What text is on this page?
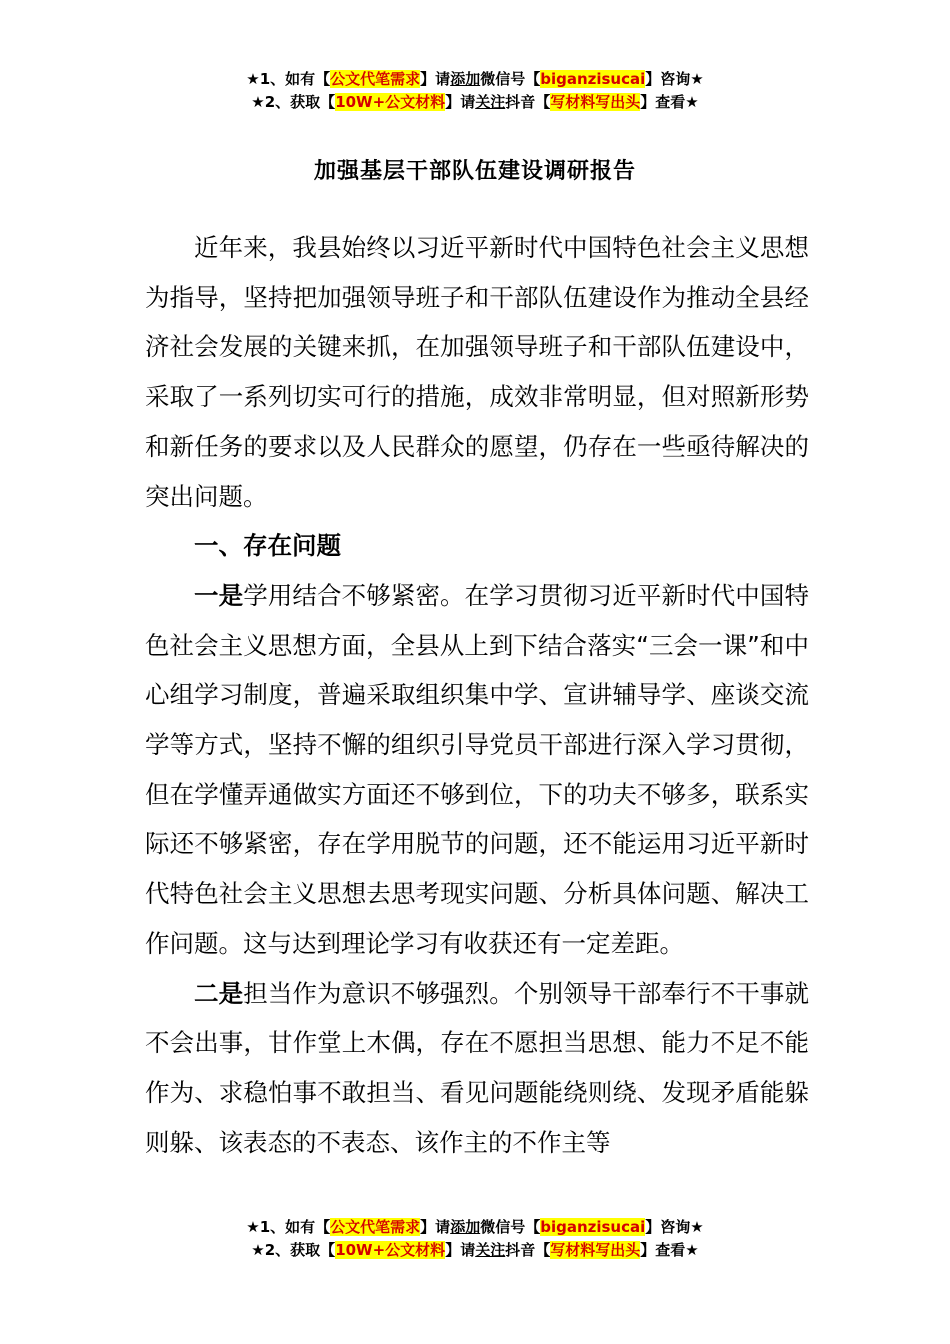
★1、如有【公文代笔需求】请添加微信号【biganzisucai】咨询★
★2、获取【10W+公文材料】请关注抖音【写材料写出头】查看★
加强基层干部队伍建设调研报告

近年来，我县始终以习近平新时代中国特色社会主义思想为指导，坚持把加强领导班子和干部队伍建设作为推动全县经济社会发展的关键来抓，在加强领导班子和干部队伍建设中，采取了一系列切实可行的措施，成效非常明显，但对照新形势和新任务的要求以及人民群众的愿望，仍存在一些亟待解决的突出问题。

一、存在问题

一是学用结合不够紧密。在学习贯彻习近平新时代中国特色社会主义思想方面，全县从上到下结合落实“三会一课”和中心组学习制度，普遍采取组织集中学、宣讲辅导学、座谈交流学等方式，坚持不懈的组织引导党员干部进行深入学习贯彻，但在学懂弄通做实方面还不够到位，下的功夫不够多，联系实际还不够紧密，存在学用脱节的问题，还不能运用习近平新时代特色社会主义思想去思考现实问题、分析具体问题、解决工作问题。这与达到理论学习有收获还有一定差距。

二是担当作为意识不够强烈。个别领导干部奉行不干事就不会出事，甘作堂上木偶，存在不愿担当思想、能力不足不能作为、求稳怕事不敢担当、看见问题能绕则绕、发现矛盾能躲则躲、该表态的不表态、该作主的不作主等

★1、如有【公文代笔需求】请添加微信号【biganzisucai】咨询★
★2、获取【10W+公文材料】请关注抖音【写材料写出头】查看★
